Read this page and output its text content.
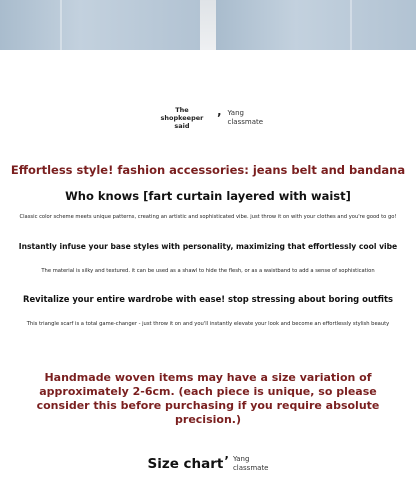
The shopkeeper said
’ Yang
classmate
Effortless style! fashion accessories: jeans belt and bandana
Who knows [fart curtain layered with waist]
Classic color scheme meets unique patterns, creating an artistic and sophisticated vibe. just throw it on with your clothes and you're good to go!
Instantly infuse your base styles with personality, maximizing that effortlessly cool vibe
The material is silky and textured. it can be used as a shawl to hide the flesh, or as a waistband to add a sense of sophistication
Revitalize your entire wardrobe with ease! stop stressing about boring outfits
This triangle scarf is a total game-changer - just throw it on and you'll instantly elevate your look and become an effortlessly stylish beauty
Handmade woven items may have a size variation of approximately 2-6cm. (each piece is unique, so please consider this before purchasing if you require absolute precision.)
Size chart ’ Yang
classmate
